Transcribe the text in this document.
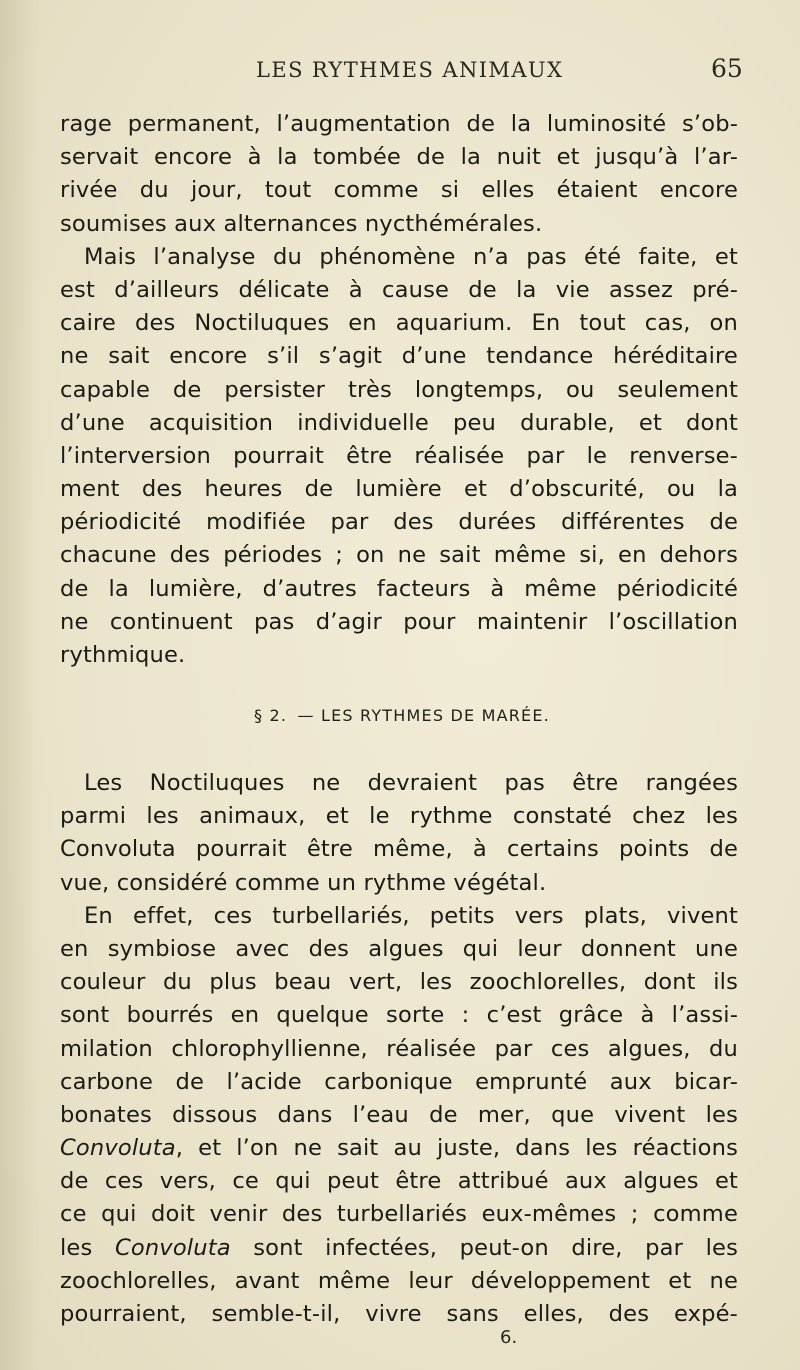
LES RYTHMES ANIMAUX	65
rage permanent, l’augmentation de la luminosité s’ob-
servait encore à la tombée de la nuit et jusqu’à l’ar-
rivée du jour, tout comme si elles étaient encore
soumises aux alternances nycthémérales.
Mais l’analyse du phénomène n’a pas été faite, et
est d’ailleurs délicate à cause de la vie assez pré-
caire des Noctiluques en aquarium. En tout cas, on
ne sait encore s’il s’agit d’une tendance héréditaire
capable de persister très longtemps, ou seulement
d’une acquisition individuelle peu durable, et dont
l’interversion pourrait être réalisée par le renverse-
ment des heures de lumière et d’obscurité, ou la
périodicité modifiée par des durées différentes de
chacune des périodes ; on ne sait même si, en dehors
de la lumière, d’autres facteurs à même périodicité
ne continuent pas d’agir pour maintenir l’oscillation
rythmique.
§ 2. — LES RYTHMES DE MARÉE.
Les Noctiluques ne devraient pas être rangées
parmi les animaux, et le rythme constaté chez les
Convoluta pourrait être même, à certains points de
vue, considéré comme un rythme végétal.
En effet, ces turbellariés, petits vers plats, vivent
en symbiose avec des algues qui leur donnent une
couleur du plus beau vert, les zoochlorelles, dont ils
sont bourrés en quelque sorte : c’est grâce à l’assi-
milation chlorophyllienne, réalisée par ces algues, du
carbone de l’acide carbonique emprunté aux bicar-
bonates dissous dans l’eau de mer, que vivent les
Convoluta, et l’on ne sait au juste, dans les réactions
de ces vers, ce qui peut être attribué aux algues et
ce qui doit venir des turbellariés eux-mêmes ; comme
les Convoluta sont infectées, peut-on dire, par les
zoochlorelles, avant même leur développement et ne
pourraient, semble-t-il, vivre sans elles, des expé-
6.
